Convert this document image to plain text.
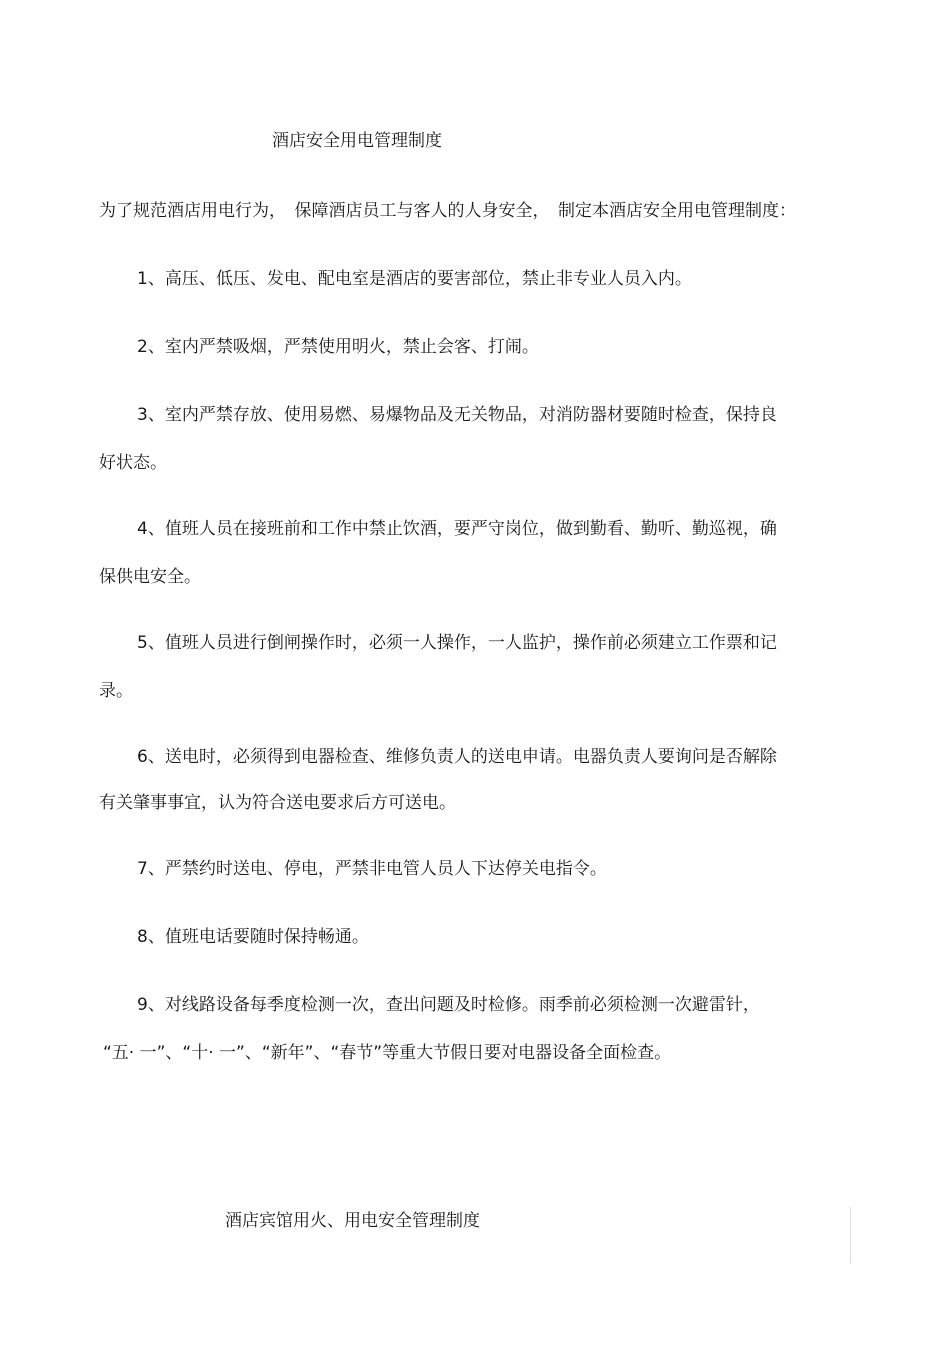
酒店安全用电管理制度
为了规范酒店用电行为，　保障酒店员工与客人的人身安全，　制定本酒店安全用电管理制度：
1、高压、低压、发电、配电室是酒店的要害部位，禁止非专业人员入内。
2、室内严禁吸烟，严禁使用明火，禁止会客、打闹。
3、室内严禁存放、使用易燃、易爆物品及无关物品，对消防器材要随时检查，保持良
好状态。
4、值班人员在接班前和工作中禁止饮酒，要严守岗位，做到勤看、勤听、勤巡视，确
保供电安全。
5、值班人员进行倒闸操作时，必须一人操作，一人监护，操作前必须建立工作票和记
录。
6、送电时，必须得到电器检查、维修负责人的送电申请。电器负责人要询问是否解除
有关肇事事宜，认为符合送电要求后方可送电。
7、严禁约时送电、停电，严禁非电管人员人下达停关电指令。
8、值班电话要随时保持畅通。
9、对线路设备每季度检测一次，查出问题及时检修。雨季前必须检测一次避雷针，
“五· 一”、“十· 一”、“新年”、“春节”等重大节假日要对电器设备全面检查。
酒店宾馆用火、用电安全管理制度
